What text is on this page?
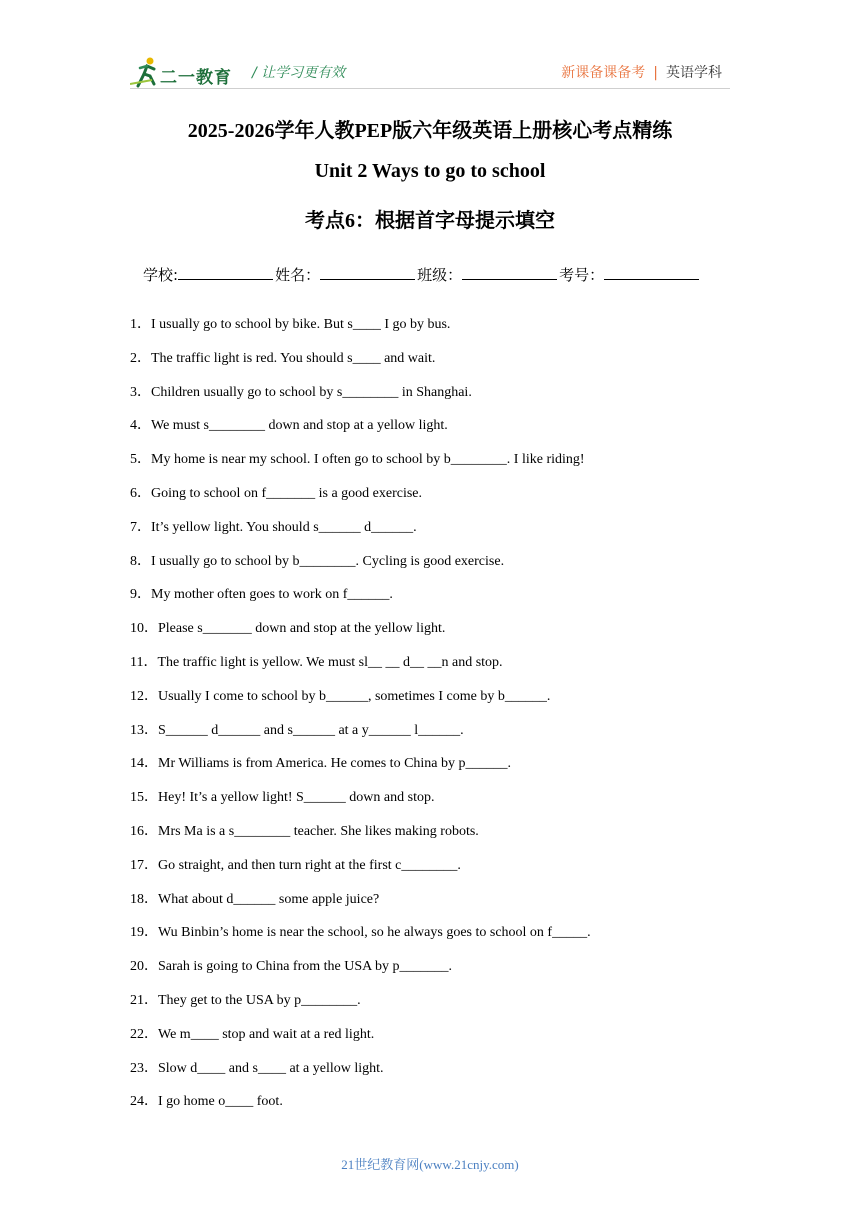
二一教育 / 让学习更有效	新课备课备考 | 英语学科
2025-2026学年人教PEP版六年级英语上册核心考点精练
Unit 2 Ways to go to school
考点6：根据首字母提示填空
学校:	姓名：	班级：	考号：
1．I usually go to school by bike. But s____ I go by bus.
2．The traffic light is red. You should s____ and wait.
3．Children usually go to school by s________ in Shanghai.
4．We must s________ down and stop at a yellow light.
5．My home is near my school. I often go to school by b________. I like riding!
6．Going to school on f_______ is a good exercise.
7．It’s yellow light. You should s______ d______.
8．I usually go to school by b________. Cycling is good exercise.
9．My mother often goes to work on f______.
10．Please s_______ down and stop at the yellow light.
11．The traffic light is yellow. We must sl__ __ d__ __n and stop.
12．Usually I come to school by b______, sometimes I come by b______.
13．S______ d______ and s______ at a y______ l______.
14．Mr Williams is from America. He comes to China by p______.
15．Hey! It’s a yellow light! S______ down and stop.
16．Mrs Ma is a s________ teacher. She likes making robots.
17．Go straight, and then turn right at the first c________.
18．What about d______ some apple juice?
19．Wu Binbin’s home is near the school, so he always goes to school on f_____.
20．Sarah is going to China from the USA by p_______.
21．They get to the USA by p________.
22．We m____ stop and wait at a red light.
23．Slow d____ and s____ at a yellow light.
24．I go home o____ foot.
21世纪教育网(www.21cnjy.com)
